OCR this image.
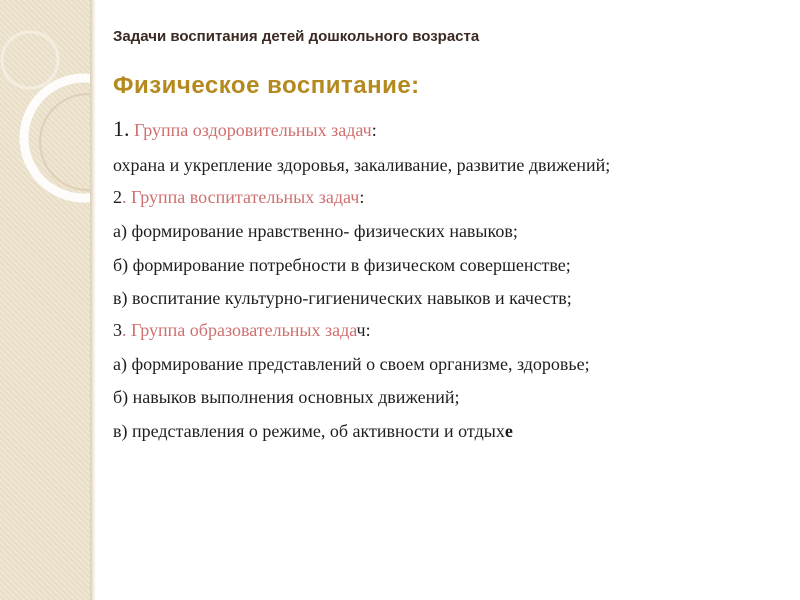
Задачи воспитания детей дошкольного возраста
Физическое воспитание:
1. Группа оздоровительных задач:
охрана и укрепление здоровья, закаливание, развитие движений;
2. Группа воспитательных задач:
а) формирование нравственно- физических навыков;
б) формирование потребности в физическом совершенстве;
в) воспитание культурно-гигиенических навыков и качеств;
3. Группа образовательных задач:
а) формирование представлений о своем организме, здоровье;
б) навыков выполнения основных движений;
в) представления о режиме, об активности и отдыхе
